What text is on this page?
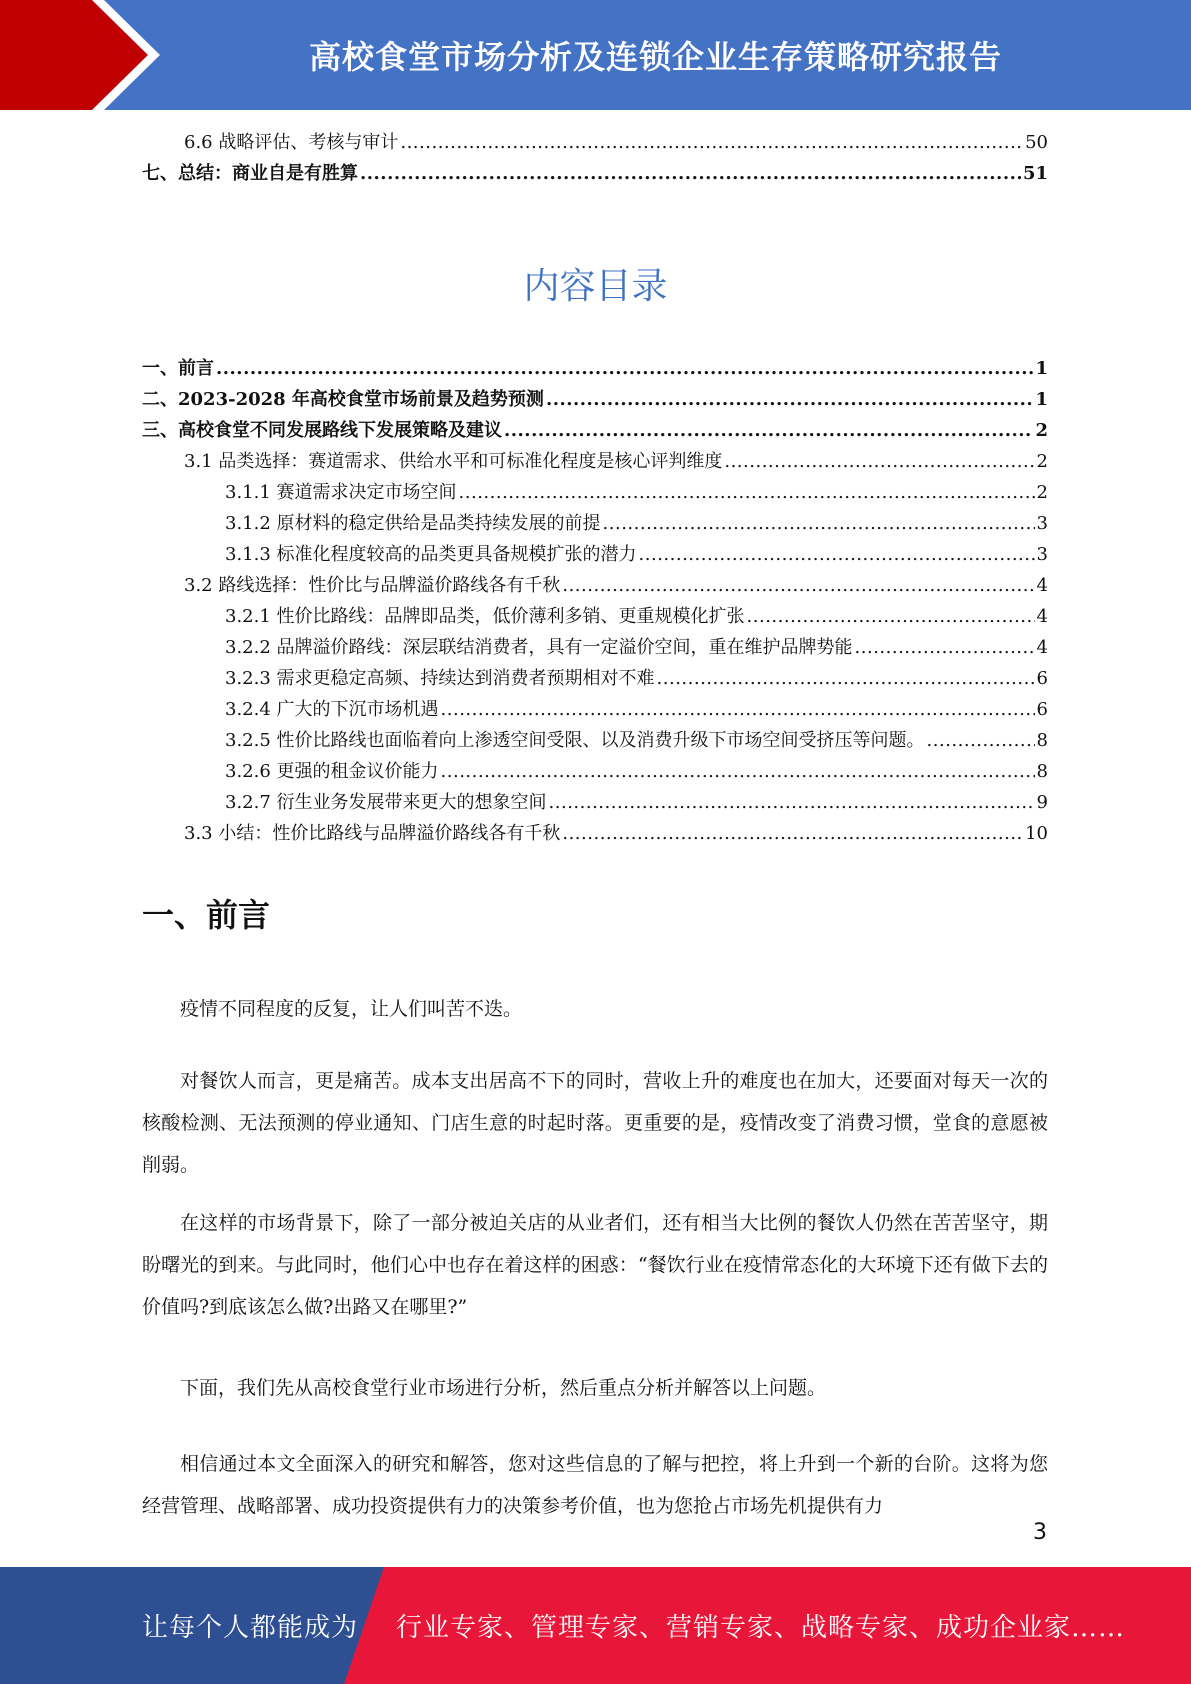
高校食堂市场分析及连锁企业生存策略研究报告
6.6 战略评估、考核与审计 .....	50
七、总结：商业自是有胜算 .....	51
内容目录
一、前言 .....	1
二、2023-2028 年高校食堂市场前景及趋势预测 .....	1
三、高校食堂不同发展路线下发展策略及建议 .....	2
3.1 品类选择：赛道需求、供给水平和可标准化程度是核心评判维度 .....	2
3.1.1 赛道需求决定市场空间 .....	2
3.1.2 原材料的稳定供给是品类持续发展的前提 .....	3
3.1.3 标准化程度较高的品类更具备规模扩张的潜力 .....	3
3.2 路线选择：性价比与品牌溢价路线各有千秋 .....	4
3.2.1 性价比路线：品牌即品类，低价薄利多销、更重规模化扩张 .....	4
3.2.2 品牌溢价路线：深层联结消费者，具有一定溢价空间，重在维护品牌势能 .....	4
3.2.3 需求更稳定高频、持续达到消费者预期相对不难 .....	6
3.2.4 广大的下沉市场机遇 .....	6
3.2.5 性价比路线也面临着向上渗透空间受限、以及消费升级下市场空间受挤压等问题。 .....	8
3.2.6 更强的租金议价能力 .....	8
3.2.7 衍生业务发展带来更大的想象空间 .....	9
3.3 小结：性价比路线与品牌溢价路线各有千秋 .....	10
一、前言
疫情不同程度的反复，让人们叫苦不迭。
对餐饮人而言，更是痛苦。成本支出居高不下的同时，营收上升的难度也在加大，还要面对每天一次的核酸检测、无法预测的停业通知、门店生意的时起时落。更重要的是，疫情改变了消费习惯，堂食的意愿被削弱。
在这样的市场背景下，除了一部分被迫关店的从业者们，还有相当大比例的餐饮人仍然在苦苦坚守，期盼曙光的到来。与此同时，他们心中也存在着这样的困惑：“餐饮行业在疫情常态化的大环境下还有做下去的价值吗?到底该怎么做?出路又在哪里?”
下面，我们先从高校食堂行业市场进行分析，然后重点分析并解答以上问题。
相信通过本文全面深入的研究和解答，您对这些信息的了解与把控，将上升到一个新的台阶。这将为您经营管理、战略部署、成功投资提供有力的决策参考价值，也为您抢占市场先机提供有力
3
让每个人都能成为 行业专家、管理专家、营销专家、战略专家、成功企业家……
